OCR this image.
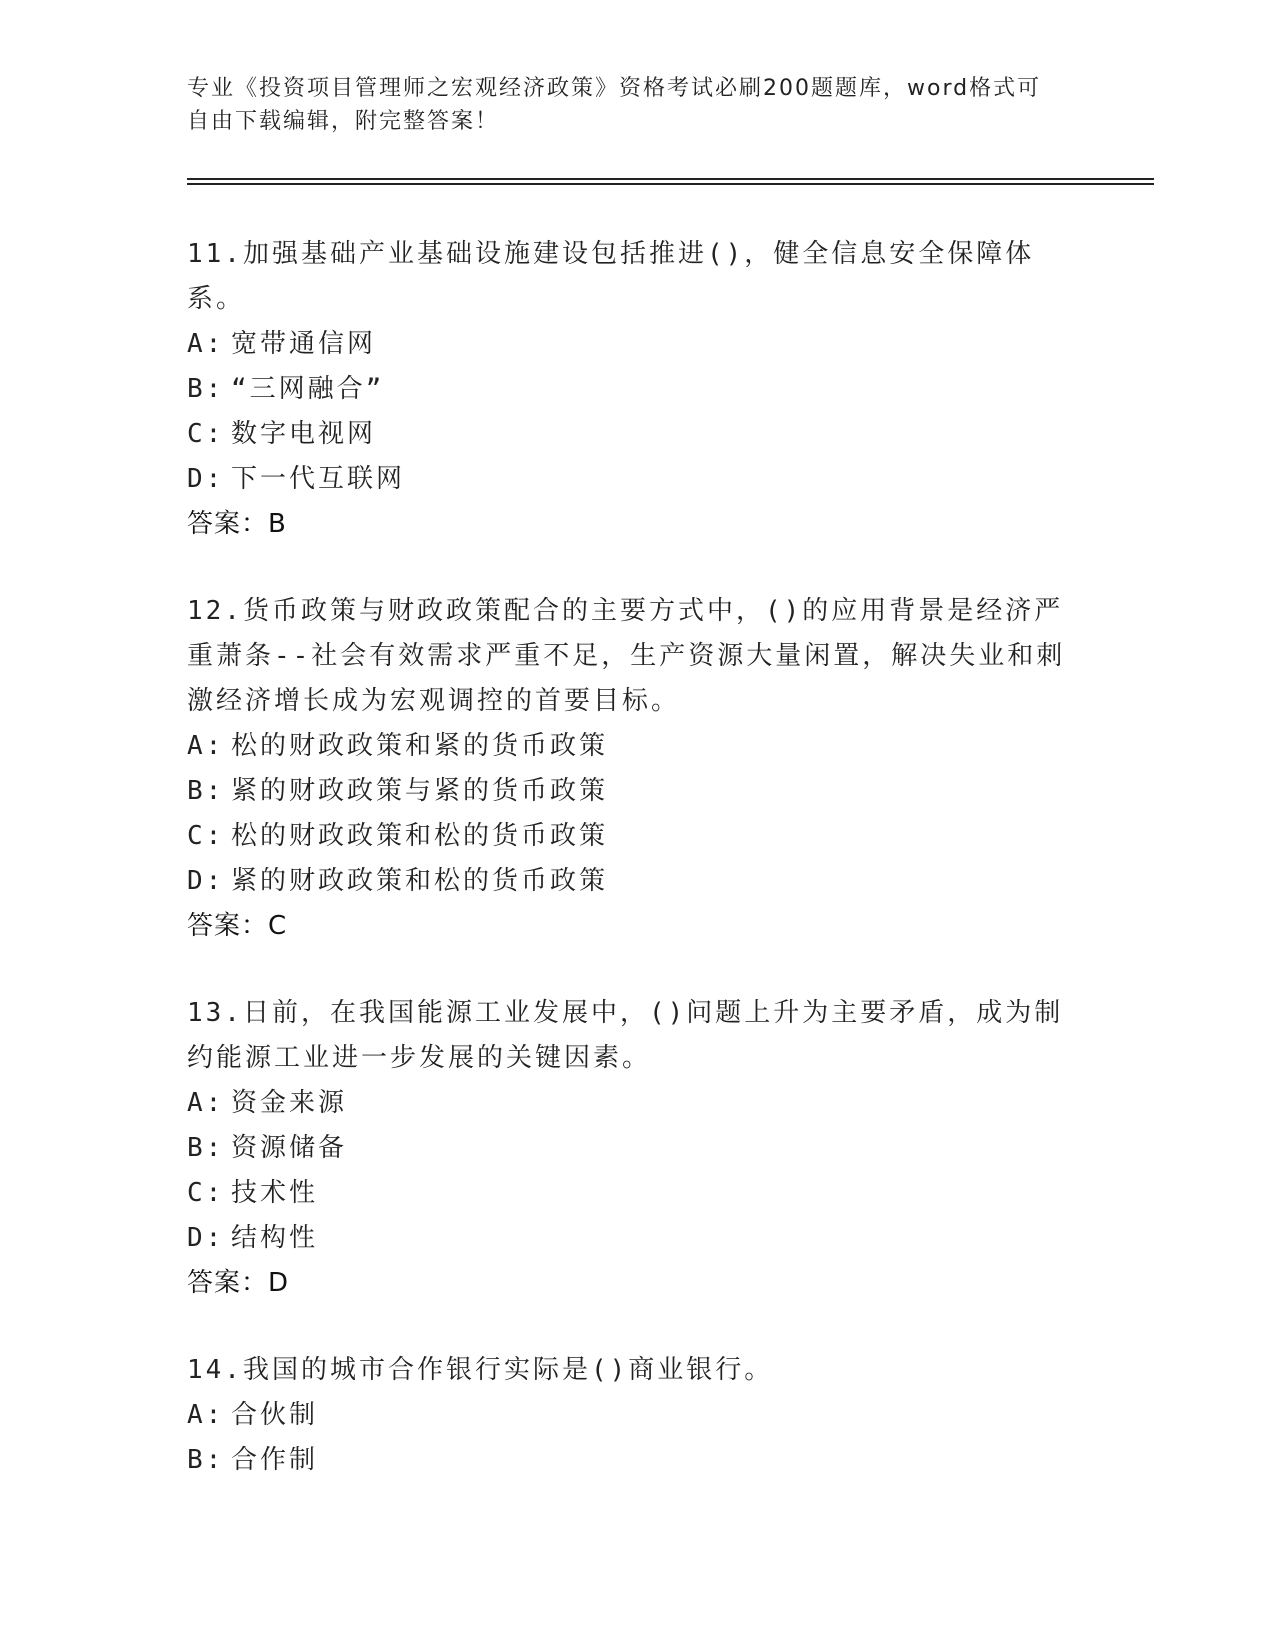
专业《投资项目管理师之宏观经济政策》资格考试必刷200题题库，word格式可
自由下载编辑，附完整答案！
11.加强基础产业基础设施建设包括推进()，健全信息安全保障体系。
A: 宽带通信网
B: “三网融合”
C: 数字电视网
D: 下一代互联网
答案：B
12.货币政策与财政政策配合的主要方式中，()的应用背景是经济严重萧条--社会有效需求严重不足，生产资源大量闲置，解决失业和刺激经济增长成为宏观调控的首要目标。
A: 松的财政政策和紧的货币政策
B: 紧的财政政策与紧的货币政策
C: 松的财政政策和松的货币政策
D: 紧的财政政策和松的货币政策
答案：C
13.日前，在我国能源工业发展中，()问题上升为主要矛盾，成为制约能源工业进一步发展的关键因素。
A: 资金来源
B: 资源储备
C: 技术性
D: 结构性
答案：D
14.我国的城市合作银行实际是()商业银行。
A: 合伙制
B: 合作制
